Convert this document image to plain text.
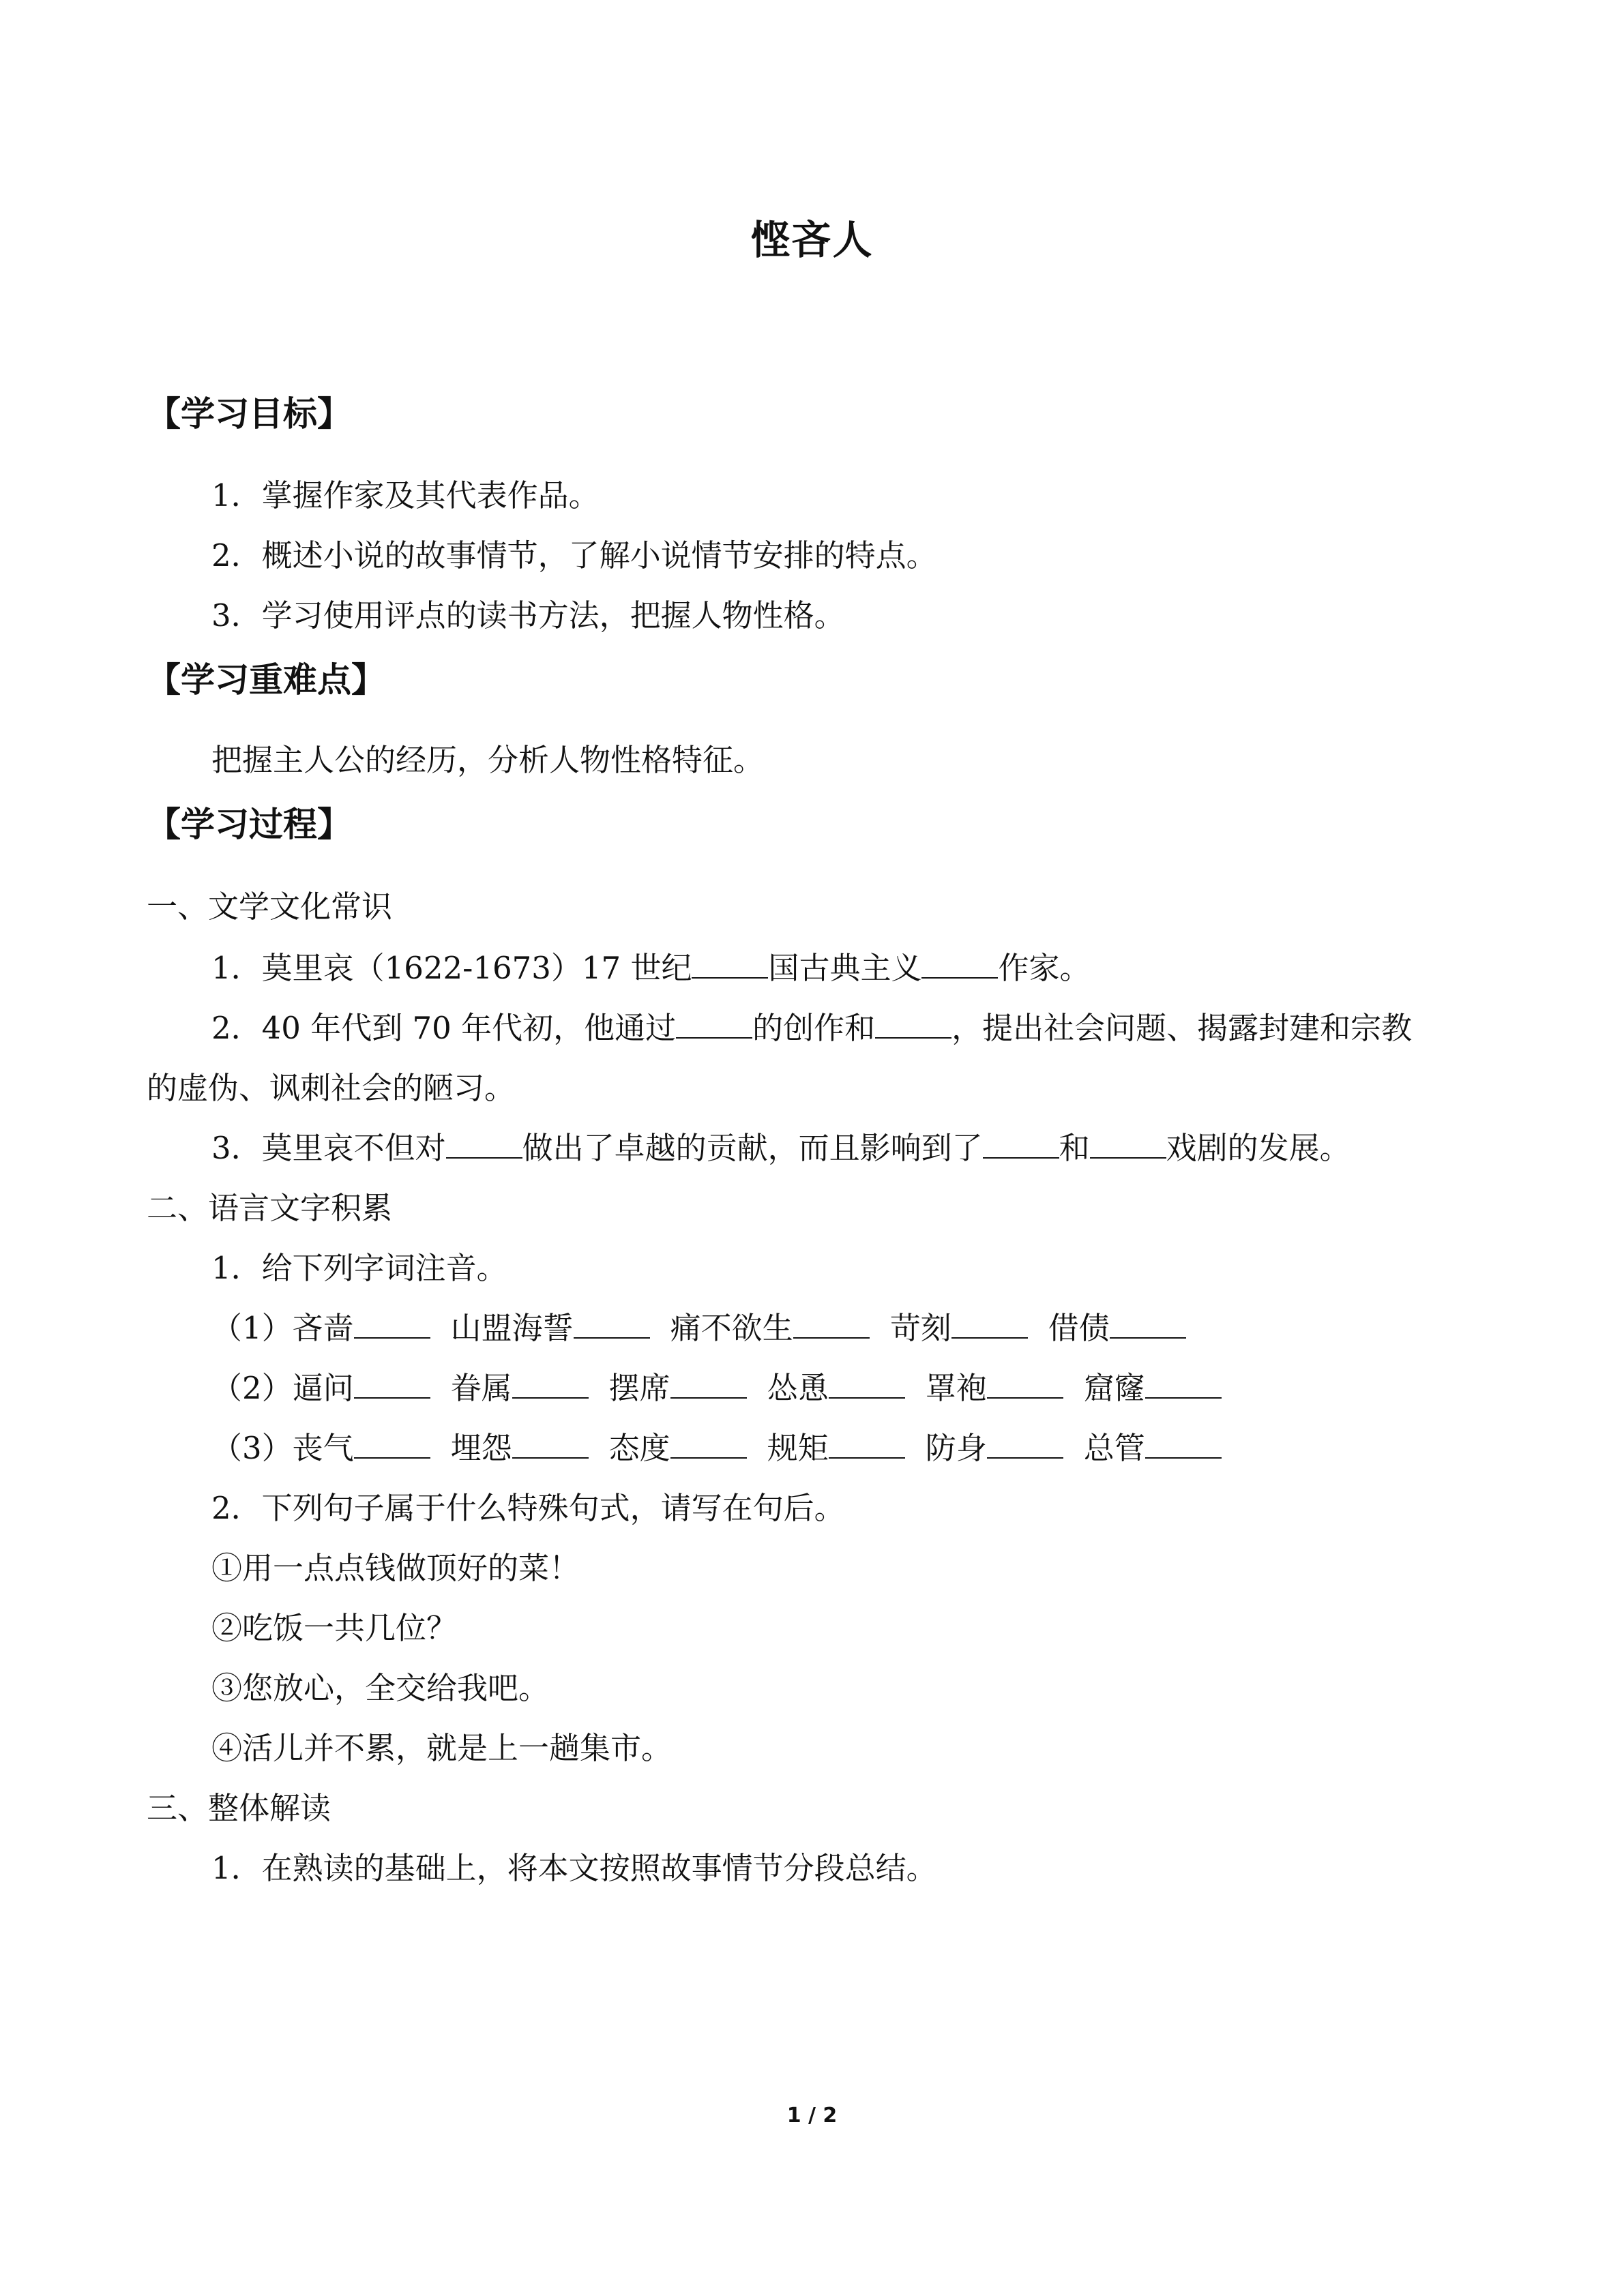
悭吝人
【学习目标】
1．掌握作家及其代表作品。
2．概述小说的故事情节，了解小说情节安排的特点。
3．学习使用评点的读书方法，把握人物性格。
【学习重难点】
把握主人公的经历，分析人物性格特征。
【学习过程】
一、文学文化常识
1．莫里哀（1622-1673）17 世纪 国古典主义 作家。
2．40 年代到 70 年代初，他通过 的创作和 ，提出社会问题、揭露封建和宗教
的虚伪、讽刺社会的陋习。
3．莫里哀不但对 做出了卓越的贡献，而且影响到了 和 戏剧的发展。
二、语言文字积累
1．给下列字词注音。
（1）吝啬	山盟海誓	痛不欲生	苛刻	借债
（2）逼问	眷属	摆席	怂恿	罩袍	窟窿
（3）丧气	埋怨	态度	规矩	防身	总管
2．下列句子属于什么特殊句式，请写在句后。
①用一点点钱做顶好的菜！
②吃饭一共几位？
③您放心，全交给我吧。
④活儿并不累，就是上一趟集市。
三、整体解读
1．在熟读的基础上，将本文按照故事情节分段总结。
1 / 2
